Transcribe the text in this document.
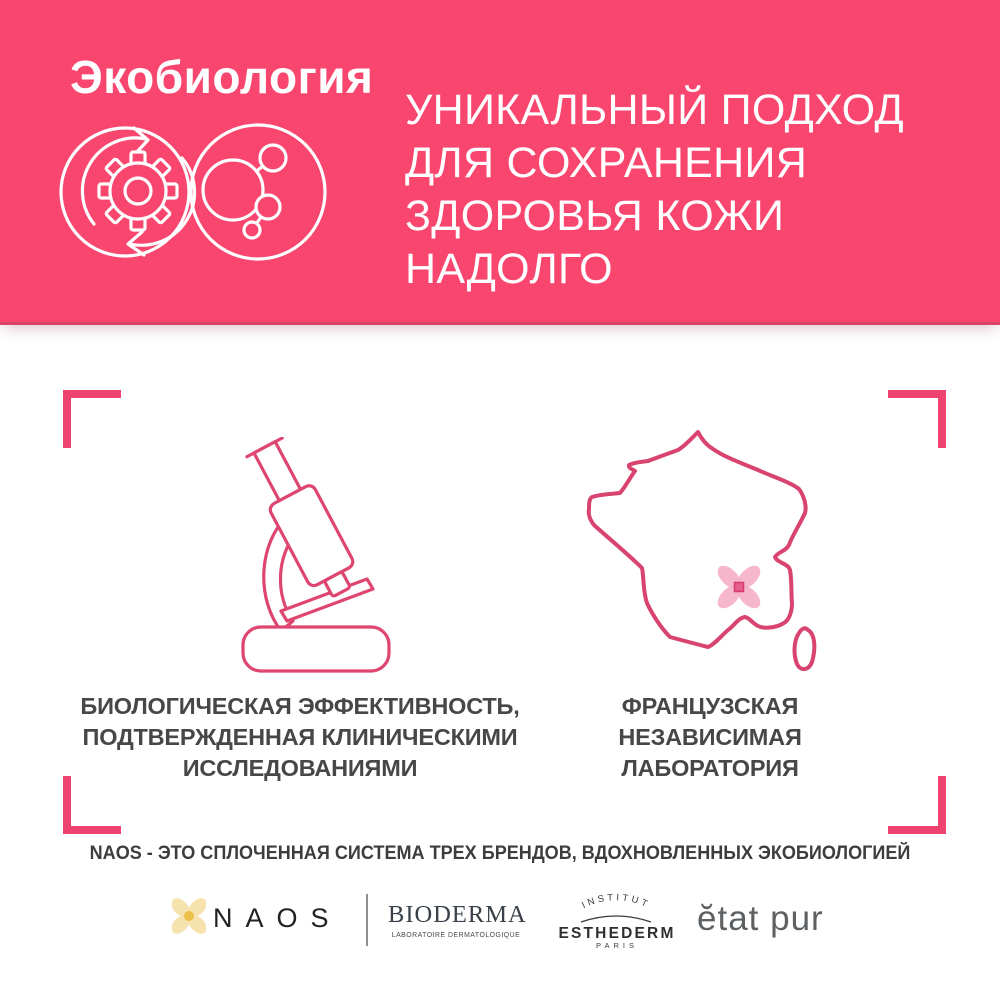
Экобиология
УНИКАЛЬНЫЙ ПОДХОД
ДЛЯ СОХРАНЕНИЯ
ЗДОРОВЬЯ КОЖИ НАДОЛГО
БИОЛОГИЧЕСКАЯ ЭФФЕКТИВНОСТЬ,
ПОДТВЕРЖДЕННАЯ КЛИНИЧЕСКИМИ
ИССЛЕДОВАНИЯМИ
ФРАНЦУЗСКАЯ
НЕЗАВИСИМАЯ
ЛАБОРАТОРИЯ
NAOS - ЭТО СПЛОЧЕННАЯ СИСТЕМА ТРЕХ БРЕНДОВ, ВДОХНОВЛЕННЫХ ЭКОБИОЛОГИЕЙ
NAOS BIODERMA
LABORATOIRE DERMATOLOGIQUE
INSTITUT
ESTHEDERM
PARIS
ĕtat pur
